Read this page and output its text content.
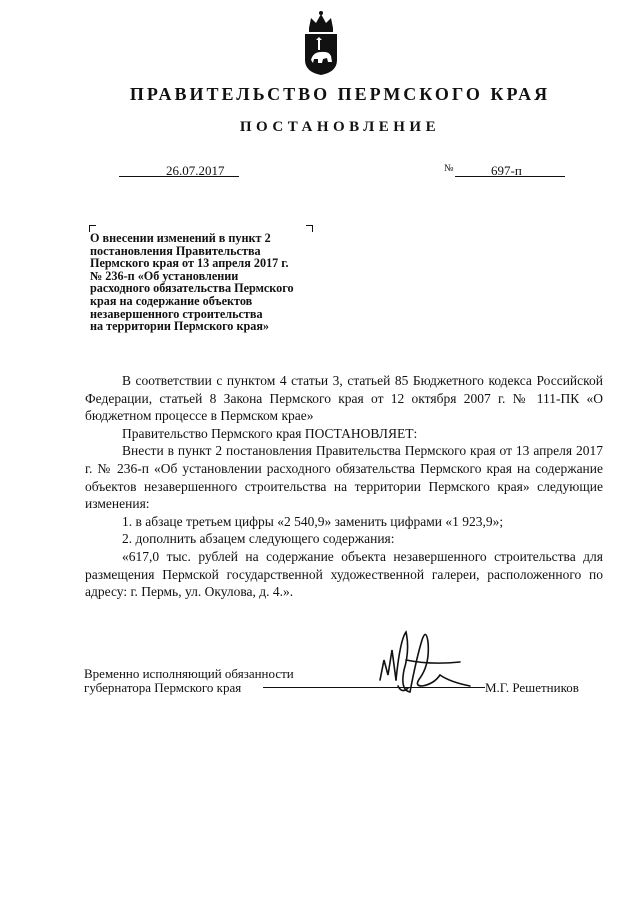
ПРАВИТЕЛЬСТВО ПЕРМСКОГО КРАЯ
ПОСТАНОВЛЕНИЕ
26.07.2017	№	697-п
О внесении изменений в пункт 2
постановления Правительства
Пермского края от 13 апреля 2017 г.
№ 236-п «Об установлении
расходного обязательства Пермского
края на содержание объектов
незавершенного строительства
на территории Пермского края»

В соответствии с пунктом 4 статьи 3, статьей 85 Бюджетного кодекса Российской Федерации, статьей 8 Закона Пермского края от 12 октября 2007 г. № 111-ПК «О бюджетном процессе в Пермском крае»

Правительство Пермского края ПОСТАНОВЛЯЕТ:

Внести в пункт 2 постановления Правительства Пермского края от 13 апреля 2017 г. № 236-п «Об установлении расходного обязательства Пермского края на содержание объектов незавершенного строительства на территории Пермского края» следующие изменения:

1. в абзаце третьем цифры «2 540,9» заменить цифрами «1 923,9»;

2. дополнить абзацем следующего содержания:

«617,0 тыс. рублей на содержание объекта незавершенного строительства для размещения Пермской государственной художественной галереи, расположенного по адресу: г. Пермь, ул. Окулова, д. 4.».

Временно исполняющий обязанности
губернатора Пермского края	М.Г. Решетников
